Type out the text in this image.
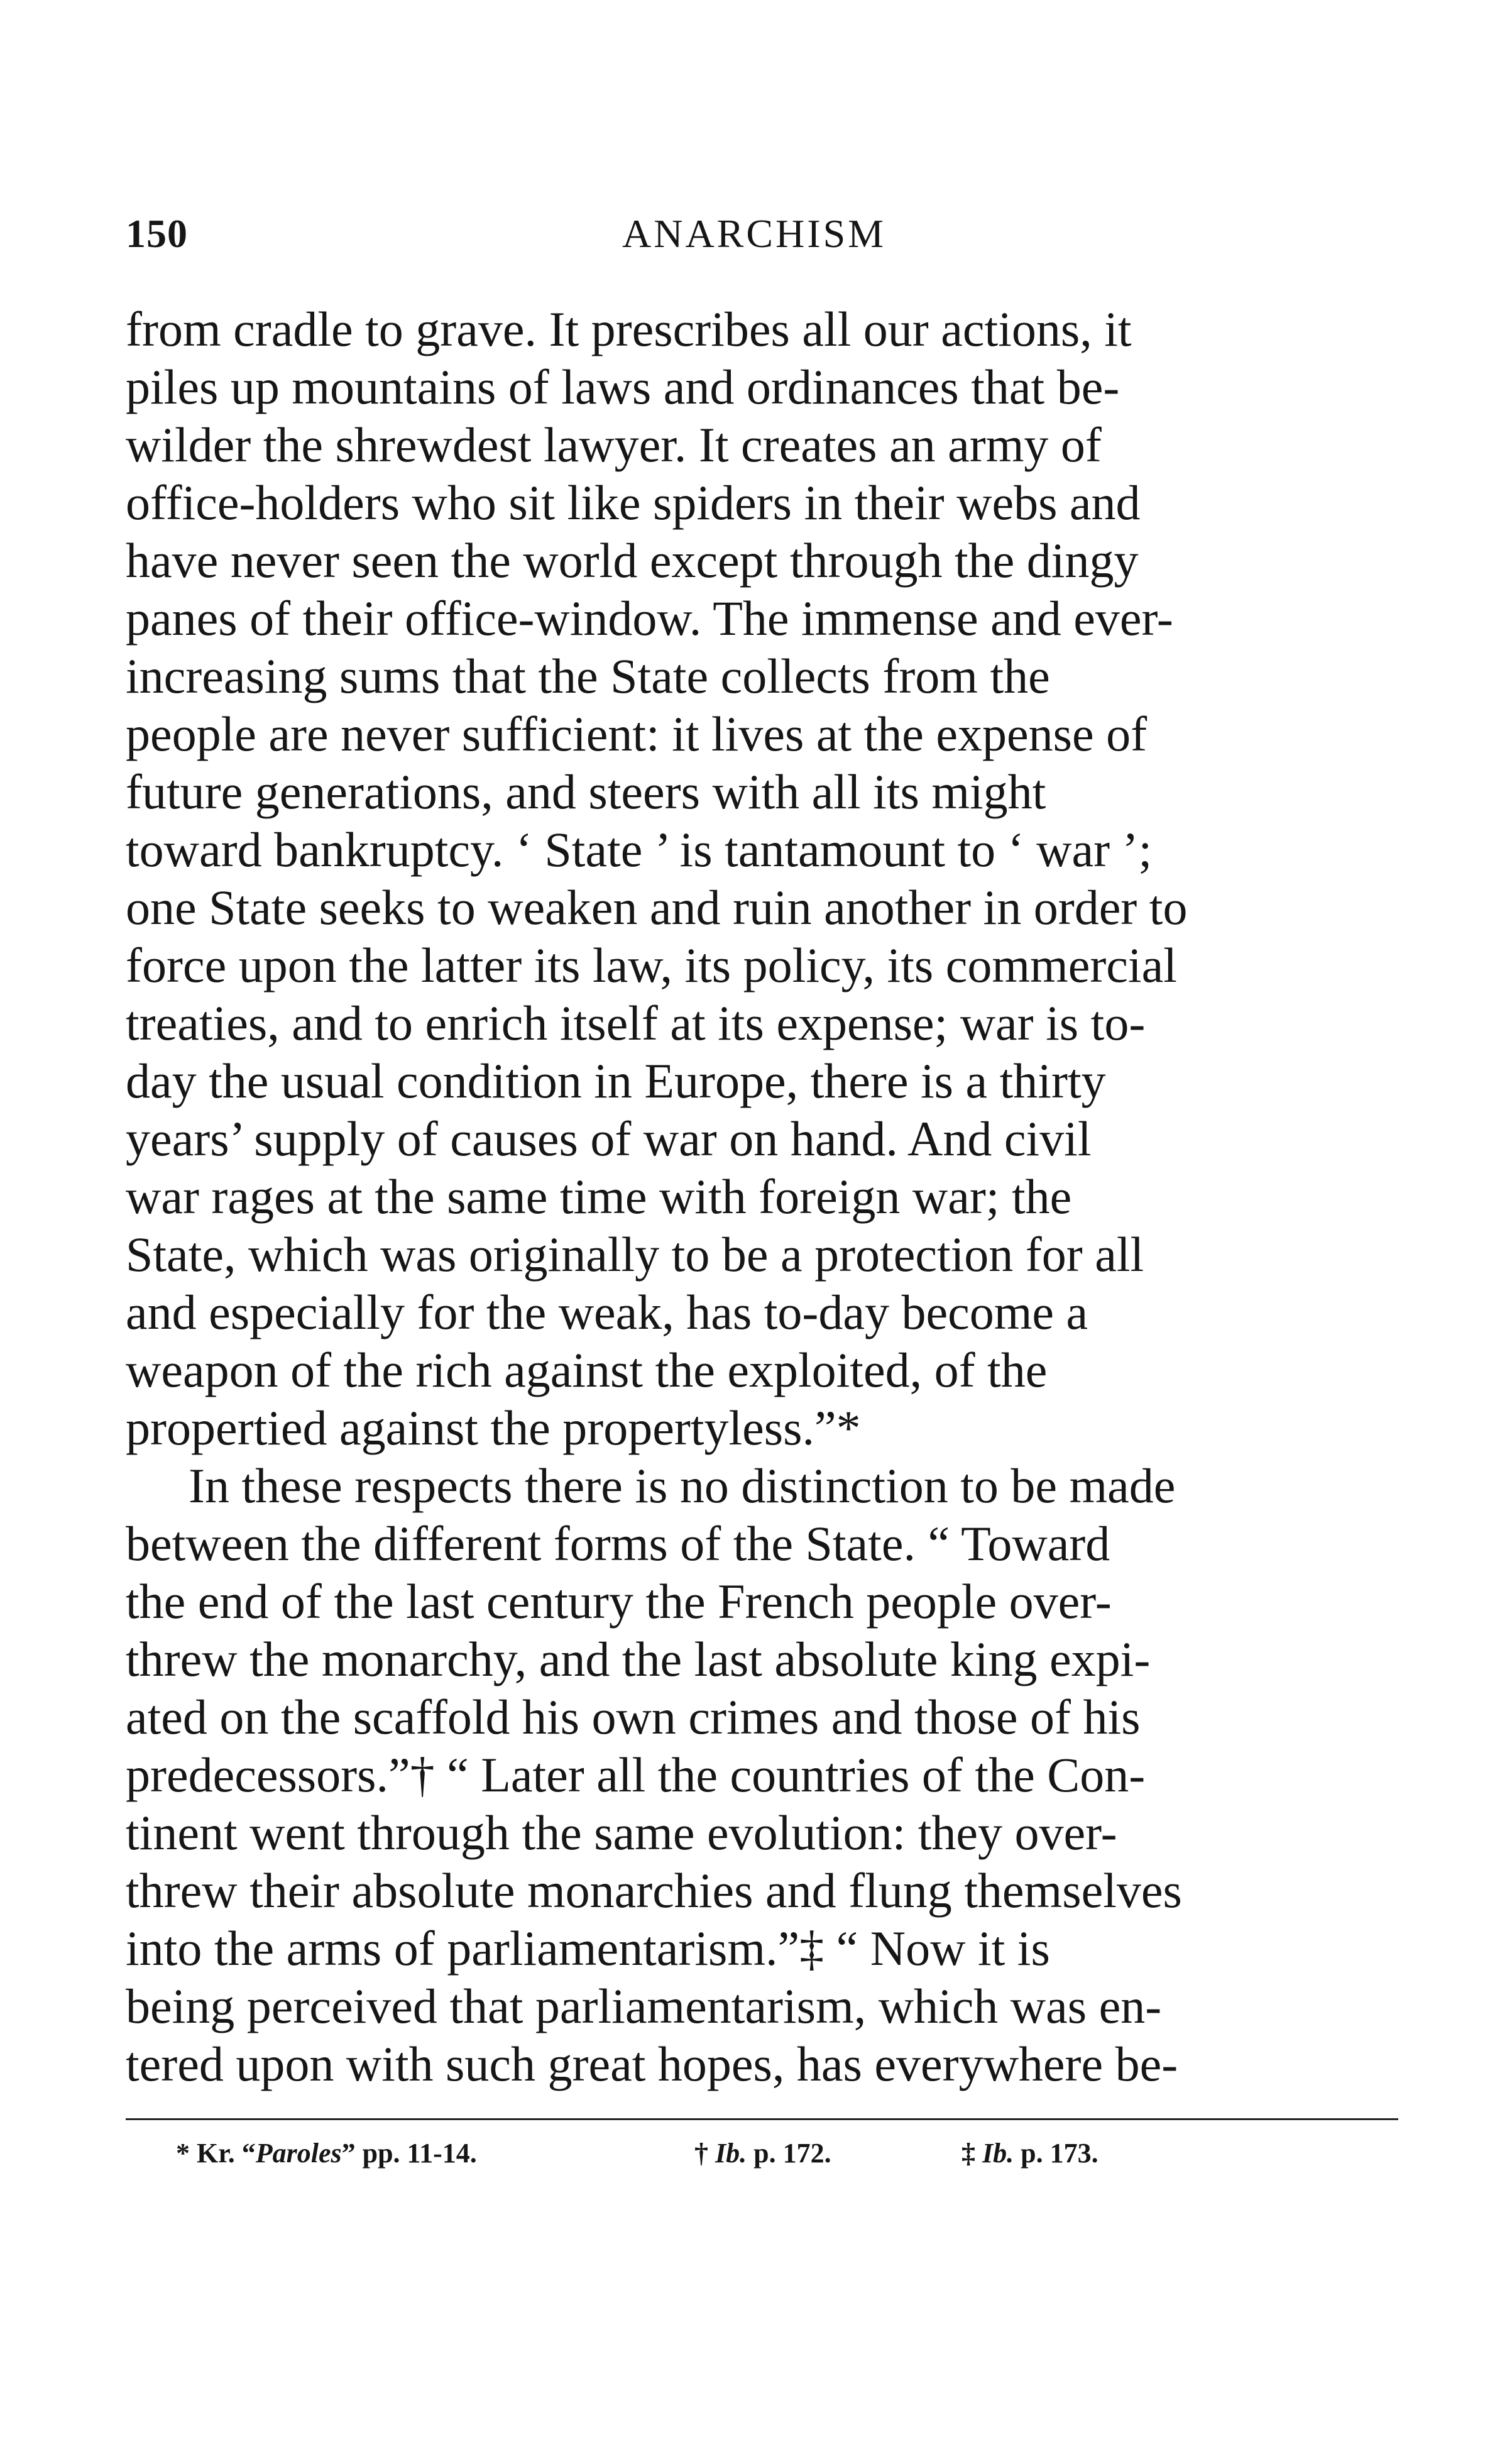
150	ANARCHISM
from cradle to grave. It prescribes all our actions, it
piles up mountains of laws and ordinances that be-
wilder the shrewdest lawyer. It creates an army of
office-holders who sit like spiders in their webs and
have never seen the world except through the dingy
panes of their office-window. The immense and ever-
increasing sums that the State collects from the
people are never sufficient: it lives at the expense of
future generations, and steers with all its might
toward bankruptcy. ‘ State ’ is tantamount to ‘ war ’;
one State seeks to weaken and ruin another in order to
force upon the latter its law, its policy, its commercial
treaties, and to enrich itself at its expense; war is to-
day the usual condition in Europe, there is a thirty
years’ supply of causes of war on hand. And civil
war rages at the same time with foreign war; the
State, which was originally to be a protection for all
and especially for the weak, has to-day become a
weapon of the rich against the exploited, of the
propertied against the propertyless.”*
In these respects there is no distinction to be made
between the different forms of the State. “ Toward
the end of the last century the French people over-
threw the monarchy, and the last absolute king expi-
ated on the scaffold his own crimes and those of his
predecessors.”† “ Later all the countries of the Con-
tinent went through the same evolution: they over-
threw their absolute monarchies and flung themselves
into the arms of parliamentarism.”‡ “ Now it is
being perceived that parliamentarism, which was en-
tered upon with such great hopes, has everywhere be-
* Kr. “Paroles” pp. 11-14.	† Ib. p. 172.	‡ Ib. p. 173.
